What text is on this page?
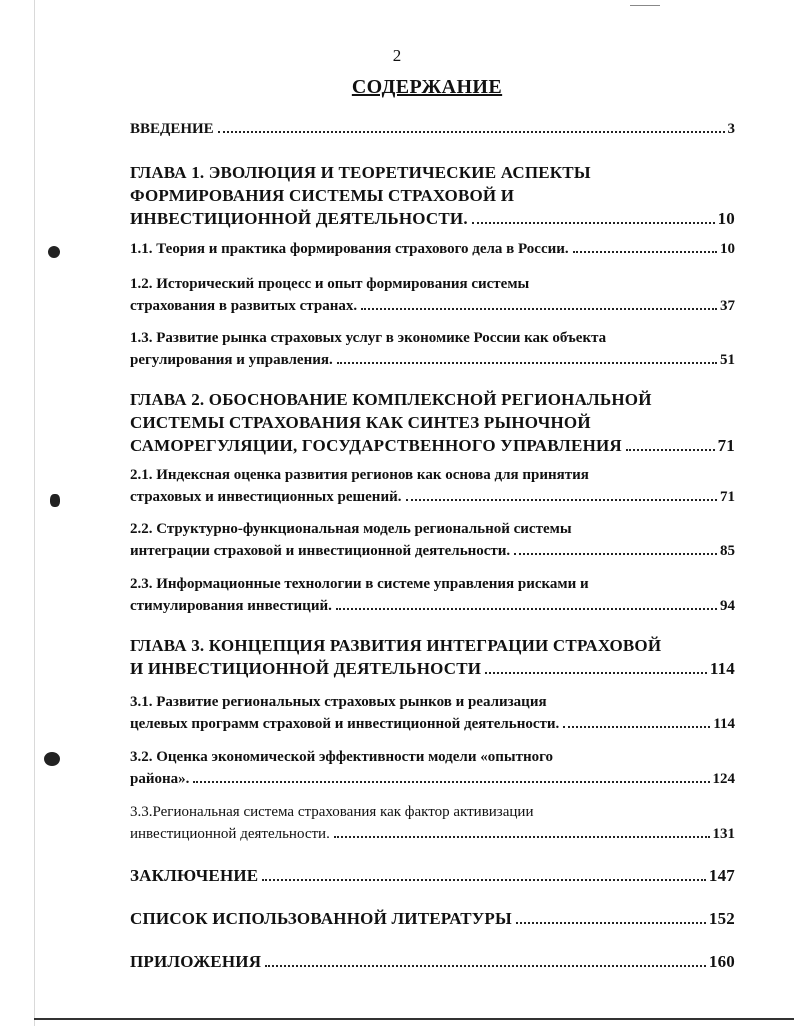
2
СОДЕРЖАНИЕ
ВВЕДЕНИЕ	3
ГЛАВА 1. ЭВОЛЮЦИЯ И ТЕОРЕТИЧЕСКИЕ АСПЕКТЫ
ФОРМИРОВАНИЯ СИСТЕМЫ СТРАХОВОЙ И
ИНВЕСТИЦИОННОЙ ДЕЯТЕЛЬНОСТИ.	10
1.1. Теория и практика формирования страхового дела в России.	10
1.2. Исторический процесс и опыт формирования системы
страхования в развитых странах.	37
1.3. Развитие рынка страховых услуг в экономике России как объекта
регулирования и управления.	51
ГЛАВА 2. ОБОСНОВАНИЕ КОМПЛЕКСНОЙ РЕГИОНАЛЬНОЙ
СИСТЕМЫ СТРАХОВАНИЯ КАК СИНТЕЗ РЫНОЧНОЙ
САМОРЕГУЛЯЦИИ, ГОСУДАРСТВЕННОГО УПРАВЛЕНИЯ	71
2.1. Индексная оценка развития регионов как основа для принятия
страховых и инвестиционных решений.	71
2.2. Структурно-функциональная модель региональной системы
интеграции страховой и инвестиционной деятельности.	85
2.3. Информационные технологии в системе управления рисками и
стимулирования инвестиций.	94
ГЛАВА 3. КОНЦЕПЦИЯ РАЗВИТИЯ ИНТЕГРАЦИИ СТРАХОВОЙ
И ИНВЕСТИЦИОННОЙ ДЕЯТЕЛЬНОСТИ	114
3.1. Развитие региональных страховых рынков и реализация
целевых программ страховой и инвестиционной деятельности.	114
3.2. Оценка экономической эффективности модели «опытного
района».	124
3.3.Региональная система страхования как фактор активизации
инвестиционной деятельности.	131
ЗАКЛЮЧЕНИЕ	147
СПИСОК ИСПОЛЬЗОВАННОЙ ЛИТЕРАТУРЫ	152
ПРИЛОЖЕНИЯ	160
